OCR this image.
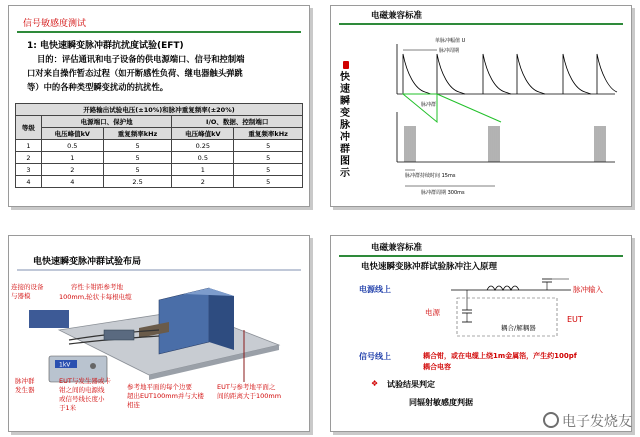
信号敏感度测试
1: 电快速瞬变脉冲群抗扰度试验(EFT)
目的：评估通讯和电子设备的供电源端口、信号和控制端
口对来自操作暂态过程（如开断感性负荷、继电器触头弹跳
等）中的各种类型瞬变扰动的抗扰性。
开路输出试验电压(±10%)和脉冲重复频率(±20%)				
等级	电源端口、保护地		I/O、数据、控制端口	
	电压峰值kV	重复频率kHz	电压峰值kV	重复频率kHz
1	0.5	5	0.25	5
2	1	5	0.5	5
3	2	5	1	5
4	4	2.5	2	5
电磁兼容标准
快速瞬变脉冲群图示
脉冲周期
单脉冲幅值 U
脉冲群
脉冲群持续时间 15ms
脉冲群周期 300ms
电快速瞬变脉冲群试验布局
1kV
连接的设备
与器模
容性卡钳距参考地
100mm,轮状卡每根电缆
脉冲群
发生器
EUT与发生器或卡
钳之间的电源线
或信号线长度小
于1米
参考地平面的每个边要
超出EUT100mm并与大楼
相连
EUT与参考地平面之
间的距离大于100mm
电磁兼容标准
电快速瞬变脉冲群试验脉冲注入原理
电源线上
电源
脉冲输入
EUT
耦合/解耦器
信号线上	耦合钳，或在电缆上绕1m金属箔，产生约100pf
耦合电容
❖ 试验结果判定
同辐射敏感度判据
电子发烧友
